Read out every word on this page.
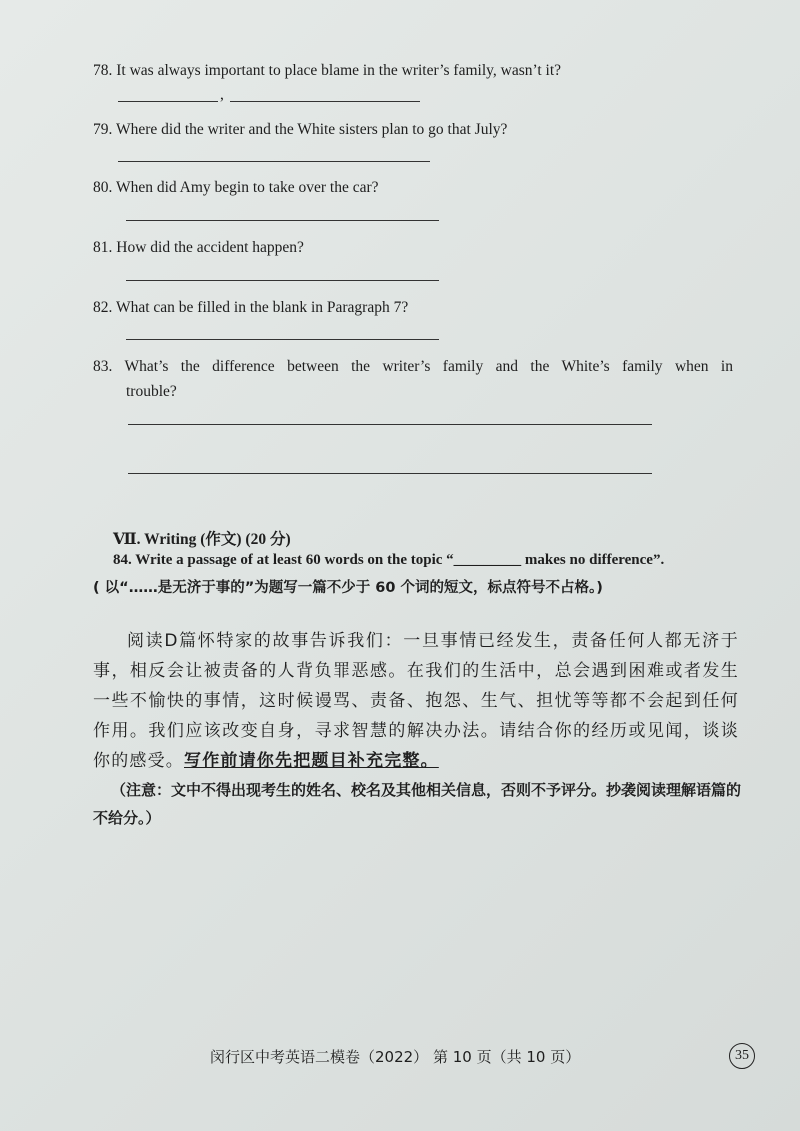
78. It was always important to place blame in the writer’s family, wasn’t it?
,
79. Where did the writer and the White sisters plan to go that July?
80. When did Amy begin to take over the car?
81. How did the accident happen?
82. What can be filled in the blank in Paragraph 7?
83. What’s the difference between the writer’s family and the White’s family when in
trouble?
Ⅶ. Writing (作文) (20 分)
84. Write a passage of at least 60 words on the topic “_________ makes no difference”.
( 以“……是无济于事的”为题写一篇不少于 60 个词的短文，标点符号不占格。)
阅读D篇怀特家的故事告诉我们：一旦事情已经发生，责备任何人都无济于事，相反会让被责备的人背负罪恶感。在我们的生活中，总会遇到困难或者发生一些不愉快的事情，这时候谩骂、责备、抱怨、生气、担忧等等都不会起到任何作用。我们应该改变自身，寻求智慧的解决办法。请结合你的经历或见闻，谈谈你的感受。写作前请你先把题目补充完整。
（注意：文中不得出现考生的姓名、校名及其他相关信息，否则不予评分。抄袭阅读理解语篇的不给分。）
闵行区中考英语二模卷（2022） 第 10 页（共 10 页）	35
